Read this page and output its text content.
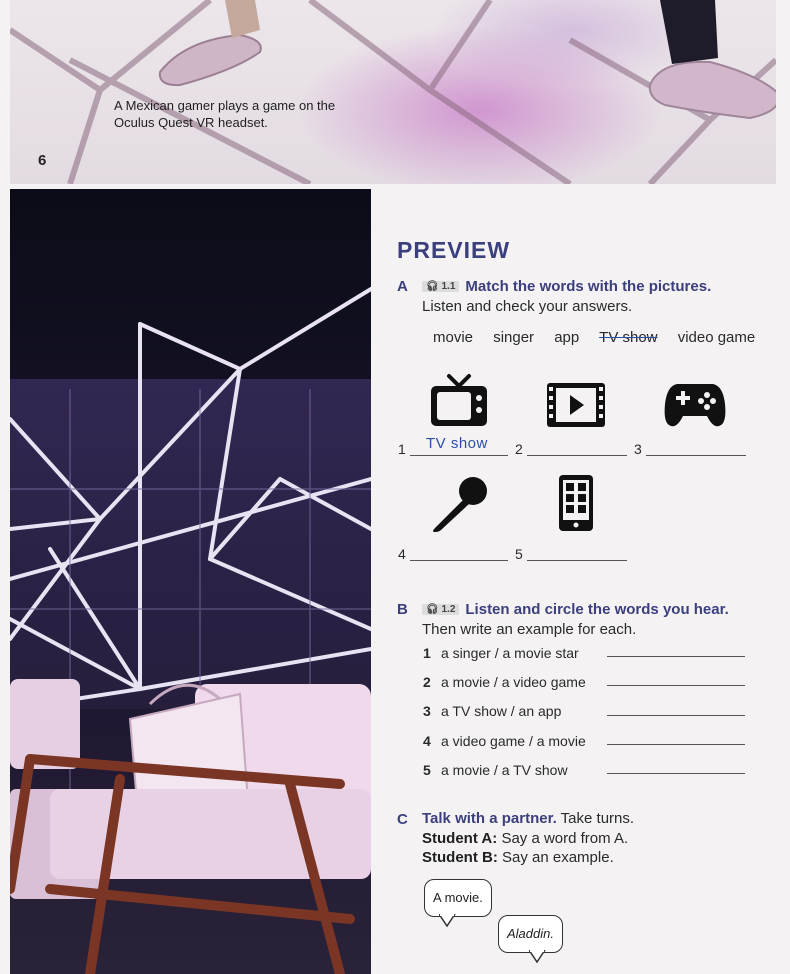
A Mexican gamer plays a game on the Oculus Quest VR headset.
6
PREVIEW
A	🎧︎ 1.1 Match the words with the pictures.
Listen and check your answers.
movie singer app TV show video game
1 TV show 2	3
4	5
B	🎧︎ 1.2 Listen and circle the words you hear.
Then write an example for each.
1 a singer / a movie star
2 a movie / a video game
3 a TV show / an app
4 a video game / a movie
5 a movie / a TV show
C Talk with a partner. Take turns.
Student A: Say a word from A.
Student B: Say an example.
A movie.
Aladdin.
